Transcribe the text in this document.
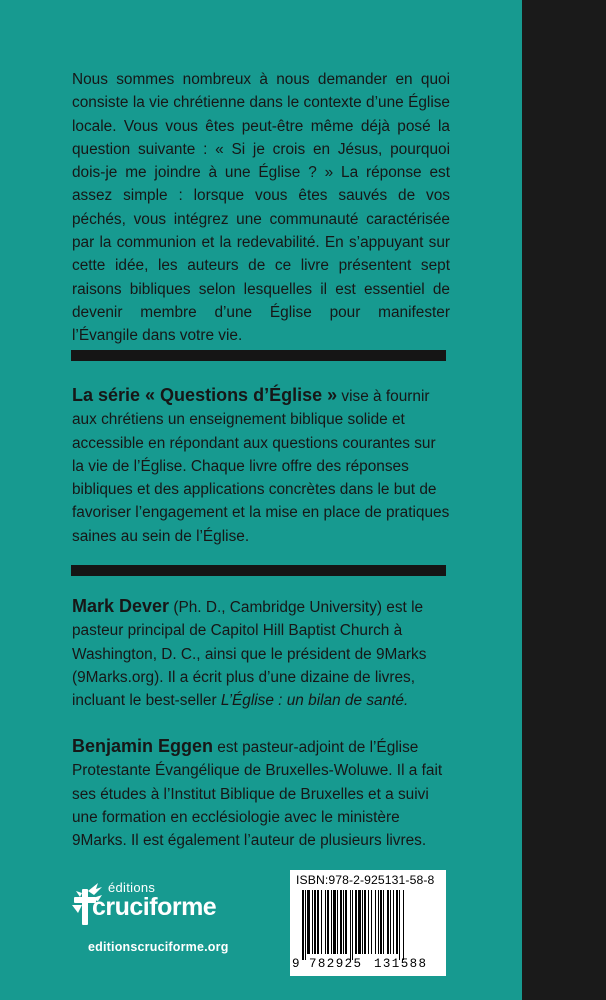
Nous sommes nombreux à nous demander en quoi consiste la vie chrétienne dans le contexte d’une Église locale. Vous vous êtes peut-être même déjà posé la question suivante : « Si je crois en Jésus, pourquoi dois-je me joindre à une Église ? » La réponse est assez simple : lorsque vous êtes sauvés de vos péchés, vous intégrez une communauté caractérisée par la communion et la redevabilité. En s’appuyant sur cette idée, les auteurs de ce livre présentent sept raisons bibliques selon lesquelles il est essentiel de devenir membre d’une Église pour manifester l’Évangile dans votre vie.

La série « Questions d’Église » vise à fournir aux chrétiens un enseignement biblique solide et accessible en répondant aux questions courantes sur la vie de l’Église. Chaque livre offre des réponses bibliques et des applications concrètes dans le but de favoriser l’engagement et la mise en place de pratiques saines au sein de l’Église.

Mark Dever (Ph. D., Cambridge University) est le pasteur principal de Capitol Hill Baptist Church à Washington, D. C., ainsi que le président de 9Marks (9Marks.org). Il a écrit plus d’une dizaine de livres, incluant le best-seller L’Église : un bilan de santé.

Benjamin Eggen est pasteur-adjoint de l’Église Protestante Évangélique de Bruxelles-Woluwe. Il a fait ses études à l’Institut Biblique de Bruxelles et a suivi une formation en ecclésiologie avec le ministère 9Marks. Il est également l’auteur de plusieurs livres.

éditions
cruciforme
editionscruciforme.org
ISBN:978-2-925131-58-8
9 782925 131588
